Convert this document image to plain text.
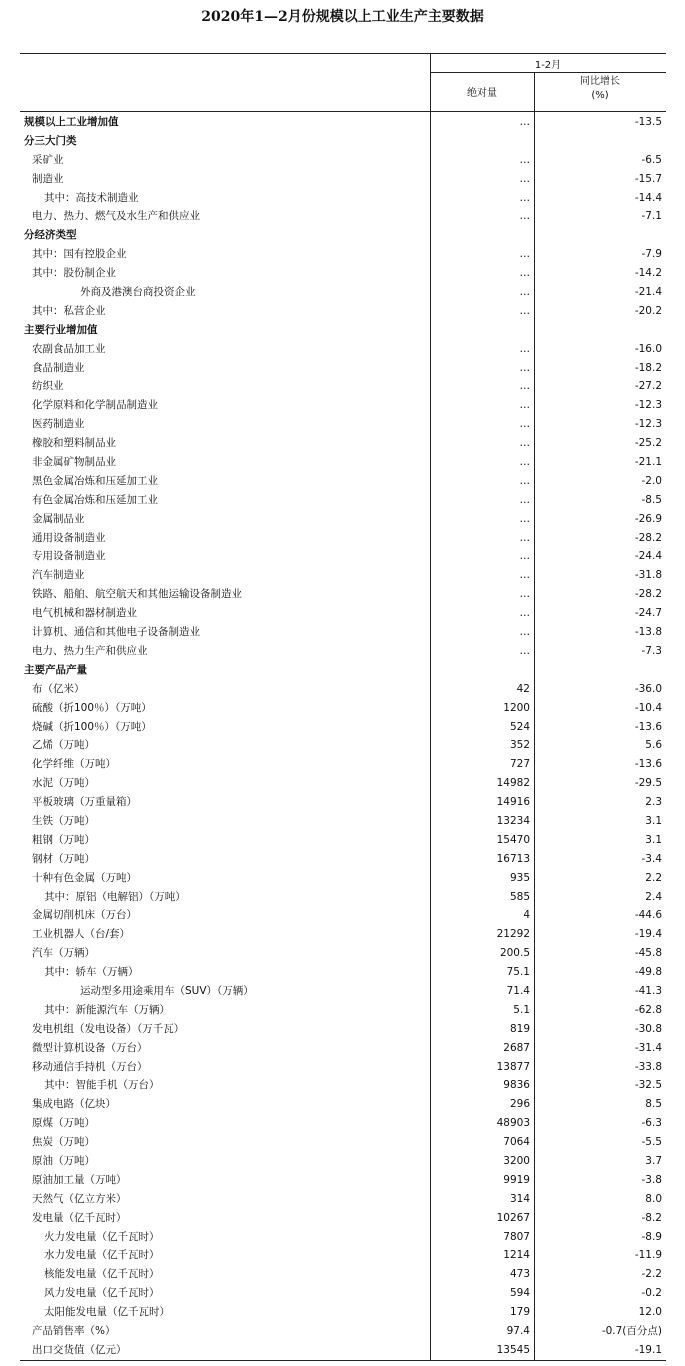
2020年1—2月份规模以上工业生产主要数据
1-2月
绝对量
同比增长
(%)
规模以上工业增加值	…	-13.5
分三大门类
采矿业	…	-6.5
制造业	…	-15.7
其中：高技术制造业	…	-14.4
电力、热力、燃气及水生产和供应业	…	-7.1
分经济类型
其中：国有控股企业	…	-7.9
其中：股份制企业	…	-14.2
外商及港澳台商投资企业	…	-21.4
其中：私营企业	…	-20.2
主要行业增加值
农副食品加工业	…	-16.0
食品制造业	…	-18.2
纺织业	…	-27.2
化学原料和化学制品制造业	…	-12.3
医药制造业	…	-12.3
橡胶和塑料制品业	…	-25.2
非金属矿物制品业	…	-21.1
黑色金属冶炼和压延加工业	…	-2.0
有色金属冶炼和压延加工业	…	-8.5
金属制品业	…	-26.9
通用设备制造业	…	-28.2
专用设备制造业	…	-24.4
汽车制造业	…	-31.8
铁路、船舶、航空航天和其他运输设备制造业	…	-28.2
电气机械和器材制造业	…	-24.7
计算机、通信和其他电子设备制造业	…	-13.8
电力、热力生产和供应业	…	-7.3
主要产品产量
布（亿米）	42	-36.0
硫酸（折100％）（万吨）	1200	-10.4
烧碱（折100％）（万吨）	524	-13.6
乙烯（万吨）	352	5.6
化学纤维（万吨）	727	-13.6
水泥（万吨）	14982	-29.5
平板玻璃（万重量箱）	14916	2.3
生铁（万吨）	13234	3.1
粗钢（万吨）	15470	3.1
钢材（万吨）	16713	-3.4
十种有色金属（万吨）	935	2.2
其中：原铝（电解铝）（万吨）	585	2.4
金属切削机床（万台）	4	-44.6
工业机器人（台/套）	21292	-19.4
汽车（万辆）	200.5	-45.8
其中：轿车（万辆）	75.1	-49.8
运动型多用途乘用车（SUV）（万辆）	71.4	-41.3
其中：新能源汽车（万辆）	5.1	-62.8
发电机组（发电设备）（万千瓦）	819	-30.8
微型计算机设备（万台）	2687	-31.4
移动通信手持机（万台）	13877	-33.8
其中：智能手机（万台）	9836	-32.5
集成电路（亿块）	296	8.5
原煤（万吨）	48903	-6.3
焦炭（万吨）	7064	-5.5
原油（万吨）	3200	3.7
原油加工量（万吨）	9919	-3.8
天然气（亿立方米）	314	8.0
发电量（亿千瓦时）	10267	-8.2
火力发电量（亿千瓦时）	7807	-8.9
水力发电量（亿千瓦时）	1214	-11.9
核能发电量（亿千瓦时）	473	-2.2
风力发电量（亿千瓦时）	594	-0.2
太阳能发电量（亿千瓦时）	179	12.0
产品销售率（%）	97.4	-0.7(百分点)
出口交货值（亿元）	13545	-19.1
